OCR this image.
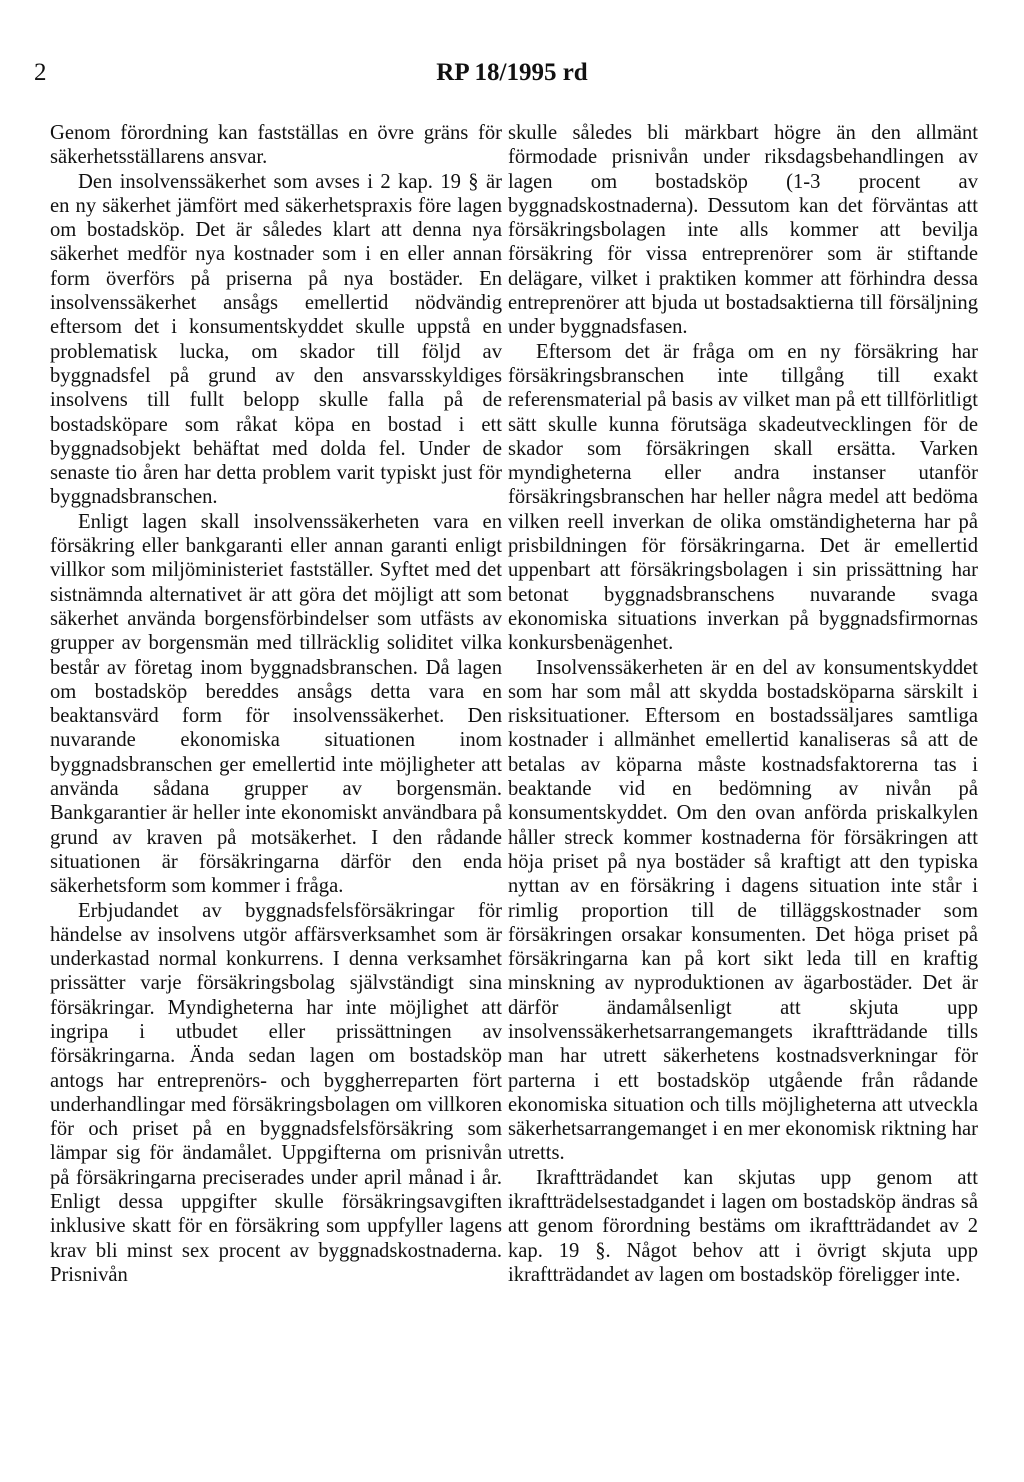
2	RP 18/1995 rd

Genom förordning kan fastställas en övre gräns för säkerhetsställarens ansvar.

Den insolvenssäkerhet som avses i 2 kap. 19 § är en ny säkerhet jämfört med säkerhetspraxis före lagen om bostadsköp. Det är således klart att denna nya säkerhet medför nya kostnader som i en eller annan form överförs på priserna på nya bostäder. En insolvenssäkerhet ansågs emellertid nödvändig eftersom det i konsumentskyddet skulle uppstå en problematisk lucka, om skador till följd av byggnadsfel på grund av den ansvarsskyldiges insolvens till fullt belopp skulle falla på de bostadsköpare som råkat köpa en bostad i ett byggnadsobjekt behäftat med dolda fel. Under de senaste tio åren har detta problem varit typiskt just för byggnadsbranschen.

Enligt lagen skall insolvenssäkerheten vara en försäkring eller bankgaranti eller annan garanti enligt villkor som miljöministeriet fastställer. Syftet med det sistnämnda alternativet är att göra det möjligt att som säkerhet använda borgensförbindelser som utfästs av grupper av borgensmän med tillräcklig soliditet vilka består av företag inom byggnadsbranschen. Då lagen om bostadsköp bereddes ansågs detta vara en beaktansvärd form för insolvenssäkerhet. Den nuvarande ekonomiska situationen inom byggnadsbranschen ger emellertid inte möjligheter att använda sådana grupper av borgensmän. Bankgarantier är heller inte ekonomiskt användbara på grund av kraven på motsäkerhet. I den rådande situationen är försäkringarna därför den enda säkerhetsform som kommer i fråga.

Erbjudandet av byggnadsfelsförsäkringar för händelse av insolvens utgör affärsverksamhet som är underkastad normal konkurrens. I denna verksamhet prissätter varje försäkringsbolag självständigt sina försäkringar. Myndigheterna har inte möjlighet att ingripa i utbudet eller prissättningen av försäkringarna. Ända sedan lagen om bostadsköp antogs har entreprenörs- och byggherreparten fört underhandlingar med försäkringsbolagen om villkoren för och priset på en byggnadsfelsförsäkring som lämpar sig för ändamålet. Uppgifterna om prisnivån på försäkringarna preciserades under april månad i år. Enligt dessa uppgifter skulle försäkringsavgiften inklusive skatt för en försäkring som uppfyller lagens krav bli minst sex procent av byggnadskostnaderna. Prisnivån

skulle således bli märkbart högre än den allmänt förmodade prisnivån under riksdagsbehandlingen av lagen om bostadsköp (1-3 procent av byggnadskostnaderna). Dessutom kan det förväntas att försäkringsbolagen inte alls kommer att bevilja försäkring för vissa entreprenörer som är stiftande delägare, vilket i praktiken kommer att förhindra dessa entreprenörer att bjuda ut bostadsaktierna till försäljning under byggnadsfasen.

Eftersom det är fråga om en ny försäkring har försäkringsbranschen inte tillgång till exakt referensmaterial på basis av vilket man på ett tillförlitligt sätt skulle kunna förutsäga skadeutvecklingen för de skador som försäkringen skall ersätta. Varken myndigheterna eller andra instanser utanför försäkringsbranschen har heller några medel att bedöma vilken reell inverkan de olika omständigheterna har på prisbildningen för försäkringarna. Det är emellertid uppenbart att försäkringsbolagen i sin prissättning har betonat byggnadsbranschens nuvarande svaga ekonomiska situations inverkan på byggnadsfirmornas konkursbenägenhet.

Insolvenssäkerheten är en del av konsumentskyddet som har som mål att skydda bostadsköparna särskilt i risksituationer. Eftersom en bostadssäljares samtliga kostnader i allmänhet emellertid kanaliseras så att de betalas av köparna måste kostnadsfaktorerna tas i beaktande vid en bedömning av nivån på konsumentskyddet. Om den ovan anförda priskalkylen håller streck kommer kostnaderna för försäkringen att höja priset på nya bostäder så kraftigt att den typiska nyttan av en försäkring i dagens situation inte står i rimlig proportion till de tilläggskostnader som försäkringen orsakar konsumenten. Det höga priset på försäkringarna kan på kort sikt leda till en kraftig minskning av nyproduktionen av ägarbostäder. Det är därför ändamålsenligt att skjuta upp insolvenssäkerhetsarrangemangets ikraftträdande tills man har utrett säkerhetens kostnadsverkningar för parterna i ett bostadsköp utgående från rådande ekonomiska situation och tills möjligheterna att utveckla säkerhetsarrangemanget i en mer ekonomisk riktning har utretts.

Ikraftträdandet kan skjutas upp genom att ikraftträdelsestadgandet i lagen om bostadsköp ändras så att genom förordning bestäms om ikraftträdandet av 2 kap. 19 §. Något behov att i övrigt skjuta upp ikraftträdandet av lagen om bostadsköp föreligger inte.
